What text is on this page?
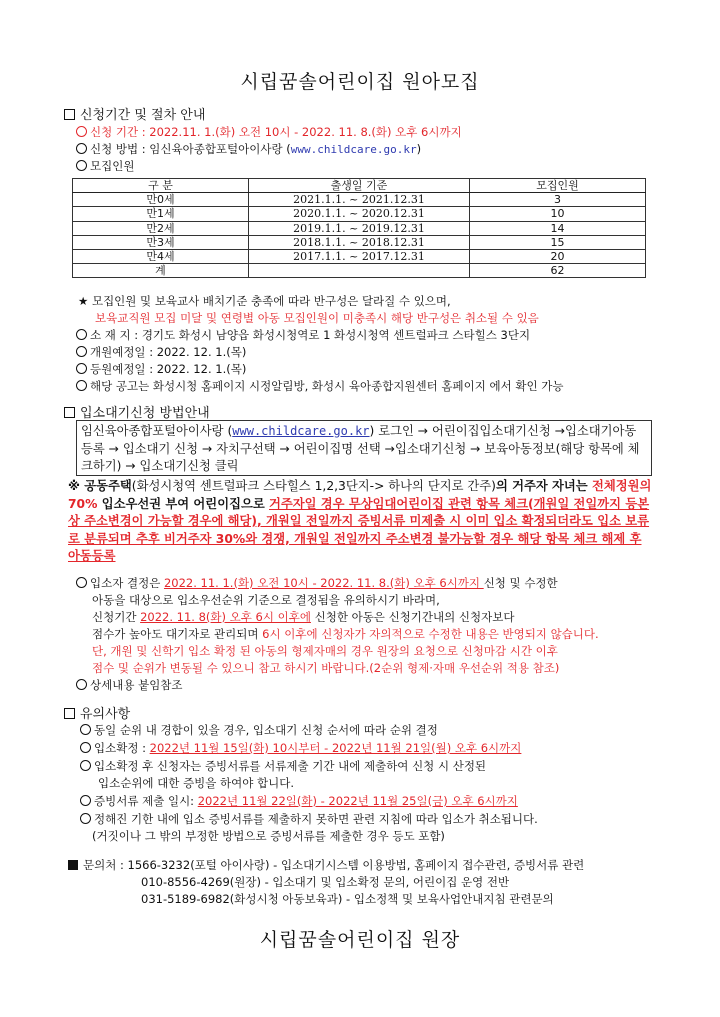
시립꿈솔어린이집 원아모집
신청기간 및 절차 안내
신청 기간 : 2022.11. 1.(화) 오전 10시 - 2022. 11. 8.(화) 오후 6시까지
신청 방법 : 임신육아종합포털아이사랑 (www.childcare.go.kr)
모집인원
구 분	출생일 기준	모집인원
만0세	2021.1.1. ~ 2021.12.31	3
만1세	2020.1.1. ~ 2020.12.31	10
만2세	2019.1.1. ~ 2019.12.31	14
만3세	2018.1.1. ~ 2018.12.31	15
만4세	2017.1.1. ~ 2017.12.31	20
계		62
★ 모집인원 및 보육교사 배치기준 충족에 따라 반구성은 달라질 수 있으며,
보육교직원 모집 미달 및 연령별 아동 모집인원이 미충족시 해당 반구성은 취소될 수 있음
소 재 지 : 경기도 화성시 남양읍 화성시청역로 1 화성시청역 센트럴파크 스타힐스 3단지
개원예정일 : 2022. 12. 1.(목)
등원예정일 : 2022. 12. 1.(목)
해당 공고는 화성시청 홈페이지 시정알림방, 화성시 육아종합지원센터 홈페이지 에서 확인 가능
입소대기신청 방법안내
임신육아종합포털아이사랑 (www.childcare.go.kr) 로그인 → 어린이집입소대기신청 →입소대기아동등록 → 입소대기 신청 → 자치구선택 → 어린이집명 선택 →입소대기신청 → 보육아동정보(해당 항목에 체크하기) → 입소대기신청 클릭
※ 공동주택(화성시청역 센트럴파크 스타힐스 1,2,3단지-> 하나의 단지로 간주)의 거주자 자녀는 전체정원의 70% 입소우선권 부여 어린이집으로 거주자일 경우 무상임대어린이집 관련 항목 체크(개원일 전일까지 등본상 주소변경이 가능할 경우에 해당), 개원일 전일까지 증빙서류 미제출 시 이미 입소 확정되더라도 입소 보류로 분류되며 추후 비거주자 30%와 경쟁, 개원일 전일까지 주소변경 불가능할 경우 해당 항목 체크 해제 후 아동등록
입소자 결정은 2022. 11. 1.(화) 오전 10시 - 2022. 11. 8.(화) 오후 6시까지 신청 및 수정한
아동을 대상으로 입소우선순위 기준으로 결정됨을 유의하시기 바라며,
신청기간 2022. 11. 8(화) 오후 6시 이후에 신청한 아동은 신청기간내의 신청자보다
점수가 높아도 대기자로 관리되며 6시 이후에 신청자가 자의적으로 수정한 내용은 반영되지 않습니다.
단, 개원 및 신학기 입소 확정 된 아동의 형제자매의 경우 원장의 요청으로 신청마감 시간 이후
점수 및 순위가 변동될 수 있으니 참고 하시기 바랍니다.(2순위 형제·자매 우선순위 적용 참조)
상세내용 붙임참조
유의사항
동일 순위 내 경합이 있을 경우, 입소대기 신청 순서에 따라 순위 결정
입소확정 : 2022년 11월 15일(화) 10시부터 - 2022년 11월 21일(월) 오후 6시까지
입소확정 후 신청자는 증빙서류를 서류제출 기간 내에 제출하여 신청 시 산정된
입소순위에 대한 증빙을 하여야 합니다.
증빙서류 제출 일시: 2022년 11월 22일(화) - 2022년 11월 25일(금) 오후 6시까지
정해진 기한 내에 입소 증빙서류를 제출하지 못하면 관련 지침에 따라 입소가 취소됩니다.
(거짓이나 그 밖의 부정한 방법으로 증빙서류를 제출한 경우 등도 포함)
문의처 : 1566-3232(포털 아이사랑) - 입소대기시스템 이용방법, 홈페이지 접수관련, 증빙서류 관련
010-8556-4269(원장) - 입소대기 및 입소확정 문의, 어린이집 운영 전반
031-5189-6982(화성시청 아동보육과) - 입소정책 및 보육사업안내지침 관련문의
시립꿈솔어린이집 원장
